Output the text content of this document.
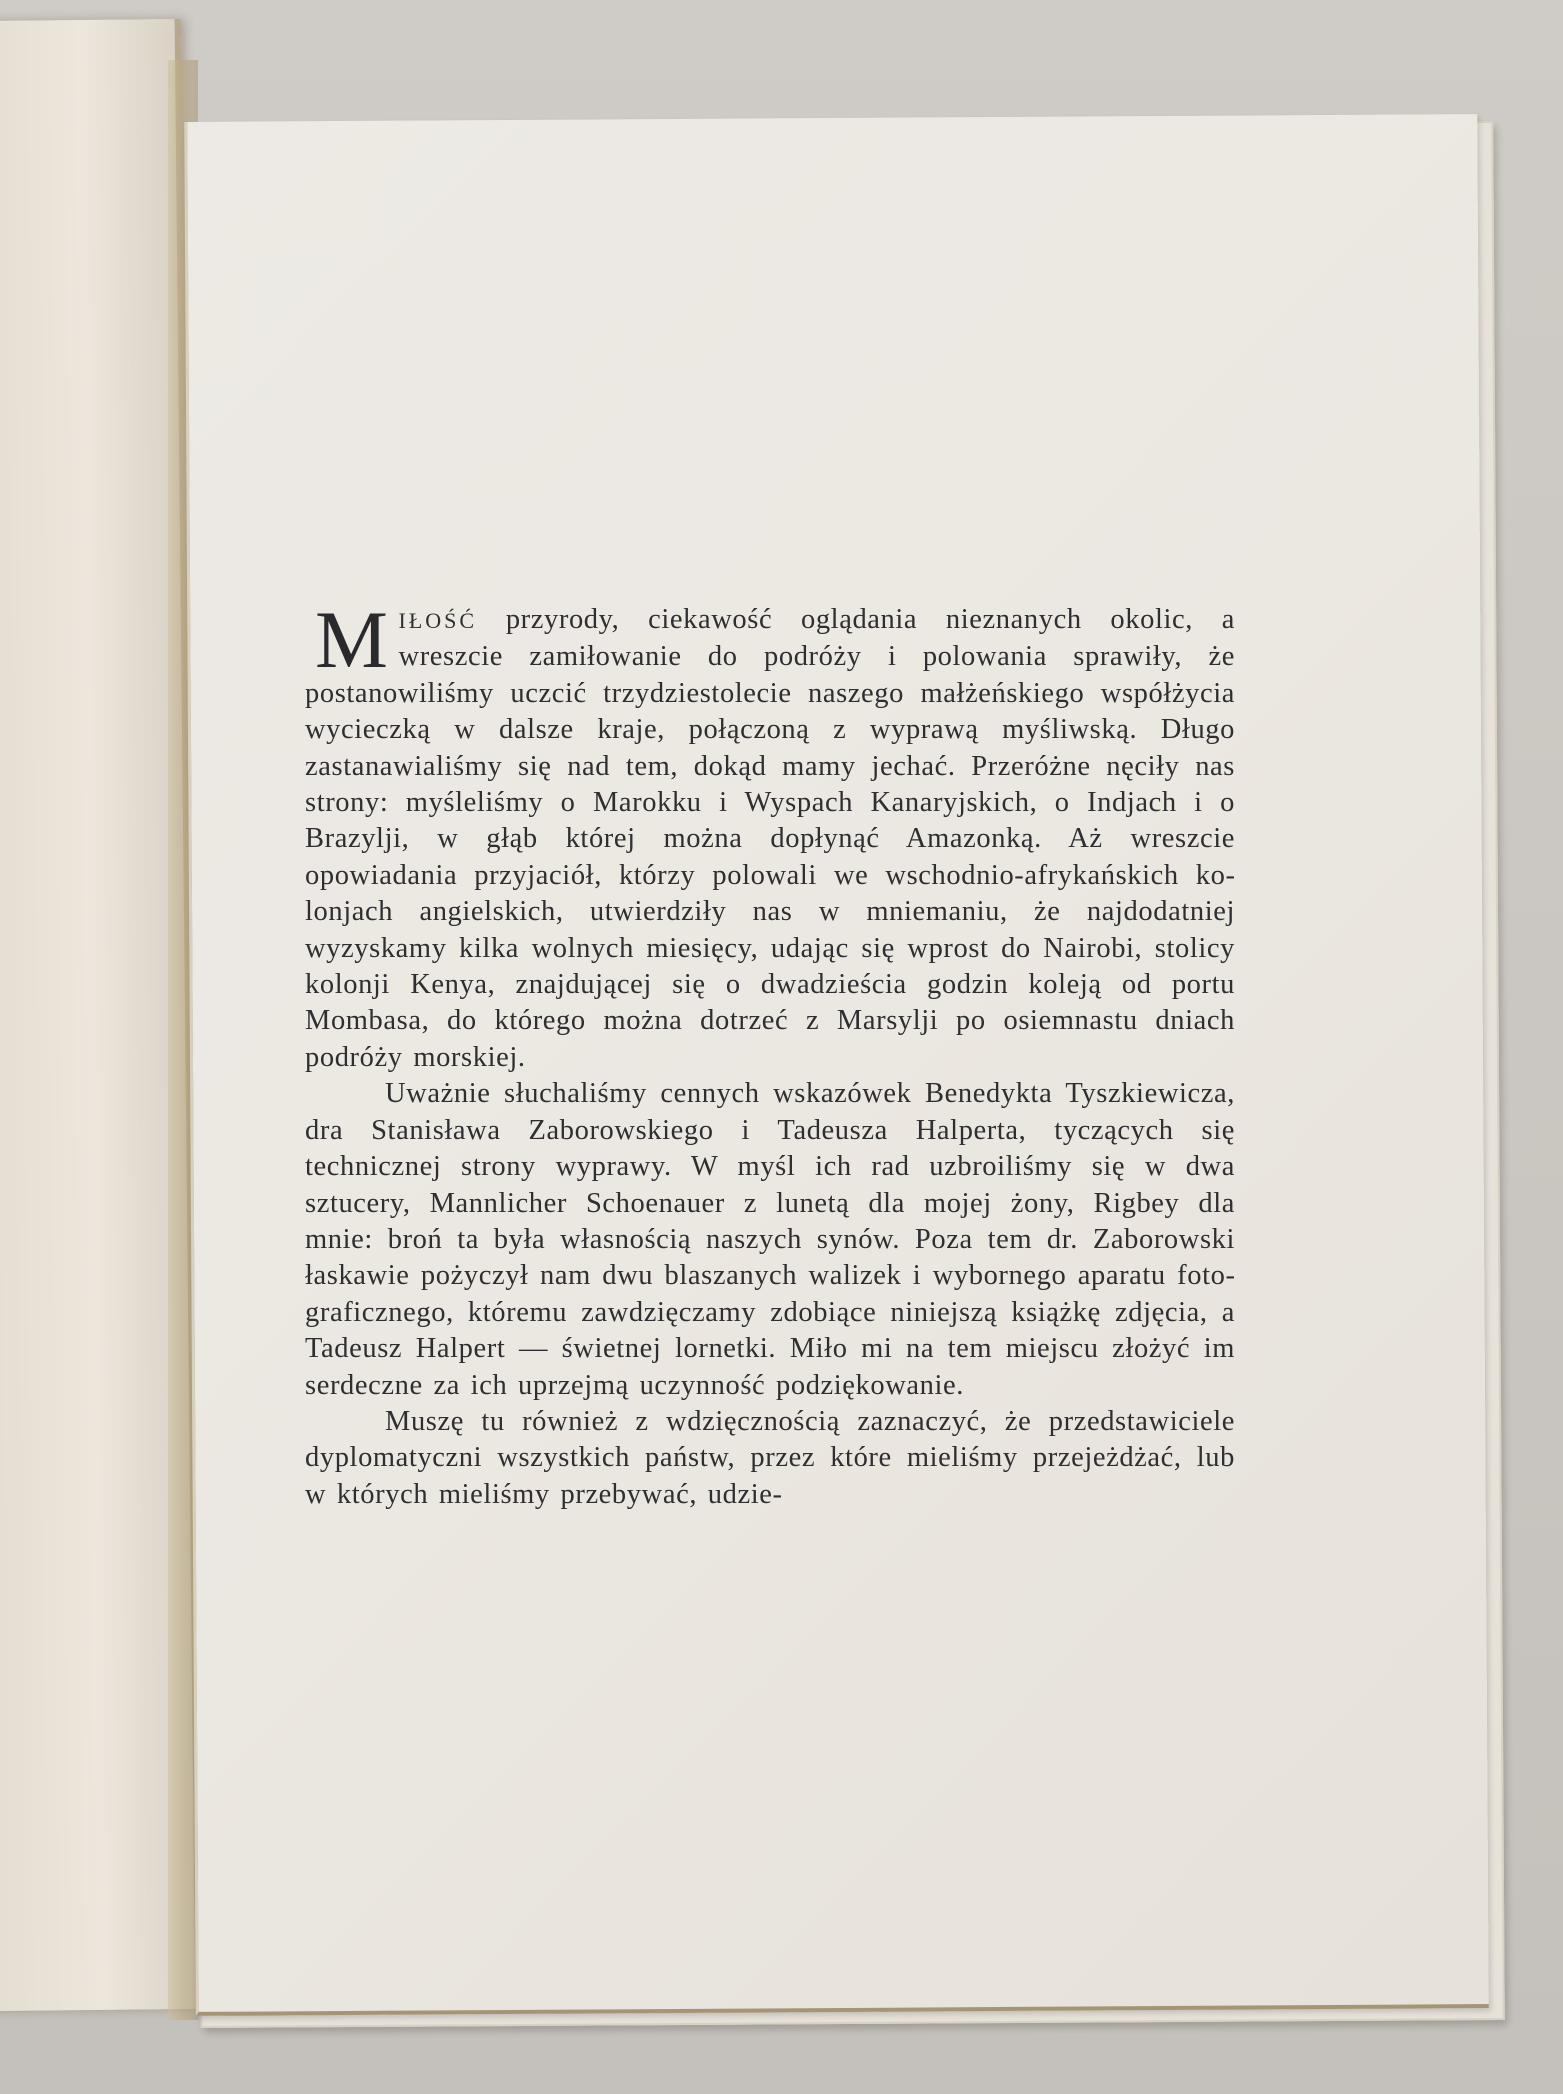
MIŁOŚĆ przyrody, ciekawość oglądania nieznanych okolic, a wreszcie zamiłowanie do podróży i polowania sprawiły, że postanowiliśmy uczcić trzydziestolecie naszego małżeńskiego współżycia wycieczką w dalsze kraje, połączoną z wyprawą myśliwską. Długo zastanawialiśmy się nad tem, dokąd mamy jechać. Przeróżne nęciły nas strony: myśleliśmy o Marokku i Wyspach Kanaryjskich, o Indjach i o Brazylji, w głąb której można dopłynąć Amazonką. Aż wreszcie opowiadania przyjaciół, którzy polowali we wschodnio-afrykańskich kolonjach angielskich, utwierdziły nas w mniemaniu, że najdodatniej wyzyskamy kilka wolnych miesięcy, udając się wprost do Nairobi, stolicy kolonji Kenya, znajdującej się o dwadzieścia godzin koleją od portu Mombasa, do którego można dotrzeć z Marsylji po osiemnastu dniach podróży morskiej.

Uważnie słuchaliśmy cennych wskazówek Benedykta Tyszkiewicza, dra Stanisława Zaborowskiego i Tadeusza Halperta, tyczących się technicznej strony wyprawy. W myśl ich rad uzbroiliśmy się w dwa sztucery, Mannlicher Schoenauer z lunetą dla mojej żony, Rigbey dla mnie: broń ta była własnością naszych synów. Poza tem dr. Zaborowski łaskawie pożyczył nam dwu blaszanych walizek i wybornego aparatu fotograficznego, któremu zawdzięczamy zdobiące niniejszą książkę zdjęcia, a Tadeusz Halpert — świetnej lornetki. Miło mi na tem miejscu złożyć im serdeczne za ich uprzejmą uczynność podziękowanie.

Muszę tu również z wdzięcznością zaznaczyć, że przedstawiciele dyplomatyczni wszystkich państw, przez które mieliśmy przejeżdżać, lub w których mieliśmy przebywać, udzie-
